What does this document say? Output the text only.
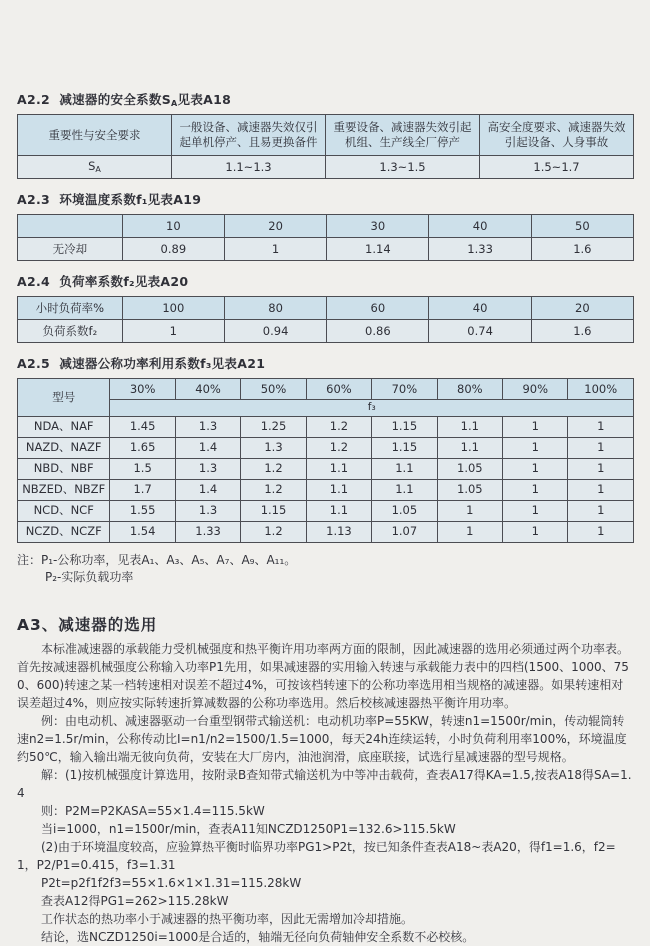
A2.2  减速器的安全系数$S_A$见表A18
重要性与安全要求	一般设备、减速器失效仅引起单机停产、且易更换备件	重要设备、减速器失效引起机组、生产线全厂停产	高安全度要求、减速器失效引起设备、人身事故
$S_A$	1.1~1.3	1.3~1.5	1.5~1.7
A2.3  环境温度系数f₁见表A19
	10	20	30	40	50
无冷却	0.89	1	1.14	1.33	1.6
A2.4  负荷率系数f₂见表A20
小时负荷率%	100	80	60	40	20
负荷系数f₂	1	0.94	0.86	0.74	1.6
A2.5  减速器公称功率利用系数f₃见表A21
型号	30%	40%	50%	60%	70%	80%	90%	100%
	f₃							
NDA、NAF	1.45	1.3	1.25	1.2	1.15	1.1	1	1
NAZD、NAZF	1.65	1.4	1.3	1.2	1.15	1.1	1	1
NBD、NBF	1.5	1.3	1.2	1.1	1.1	1.05	1	1
NBZED、NBZF	1.7	1.4	1.2	1.1	1.1	1.05	1	1
NCD、NCF	1.55	1.3	1.15	1.1	1.05	1	1	1
NCZD、NCZF	1.54	1.33	1.2	1.13	1.07	1	1	1
注：P₁-公称功率，见表A₁、A₃、A₅、A₇、A₉、A₁₁。
P₂-实际负载功率
A3、减速器的选用

本标准减速器的承载能力受机械强度和热平衡许用功率两方面的限制，因此减速器的选用必须通过两个功率表。首先按减速器机械强度公称输入功率P1先用，如果减速器的实用输入转速与承载能力表中的四档(1500、1000、750、600)转速之某一档转速相对误差不超过4%，可按该档转速下的公称功率选用相当规格的减速器。如果转速相对误差超过4%，则应按实际转速折算减数器的公称功率选用。然后校核减速器热平衡许用功率。

例：由电动机、减速器驱动一台重型钢带式输送机：电动机功率P=55KW，转速n1=1500r/min，传动辊筒转速n2=1.5r/min，公称传动比I=n1/n2=1500/1.5=1000，每天24h连续运转，小时负荷利用率100%，环境温度约50℃，输入输出端无彼向负荷，安装在大厂房内，油池润滑，底座联接，试选行星减速器的型号规格。

解：(1)按机械强度计算选用，按附录B查知带式输送机为中等冲击载荷，查表A17得KA=1.5,按表A18得SA=1.4

则：P2M=P2KASA=55×1.4=115.5kW

当i=1000，n1=1500r/min，查表A11知NCZD1250P1=132.6>115.5kW

(2)由于环境温度较高，应验算热平衡时临界功率PG1>P2t，按已知条件查表A18~表A20，得f1=1.6，f2=1，P2/P1=0.415，f3=1.31

P2t=p2f1f2f3=55×1.6×1×1.31=115.28kW

查表A12得PG1=262>115.28kW

工作状态的热功率小于减速器的热平衡功率，因此无需增加冷却措施。

结论，选NCZD1250i=1000是合适的，轴端无径向负荷轴伸安全系数不必校核。
